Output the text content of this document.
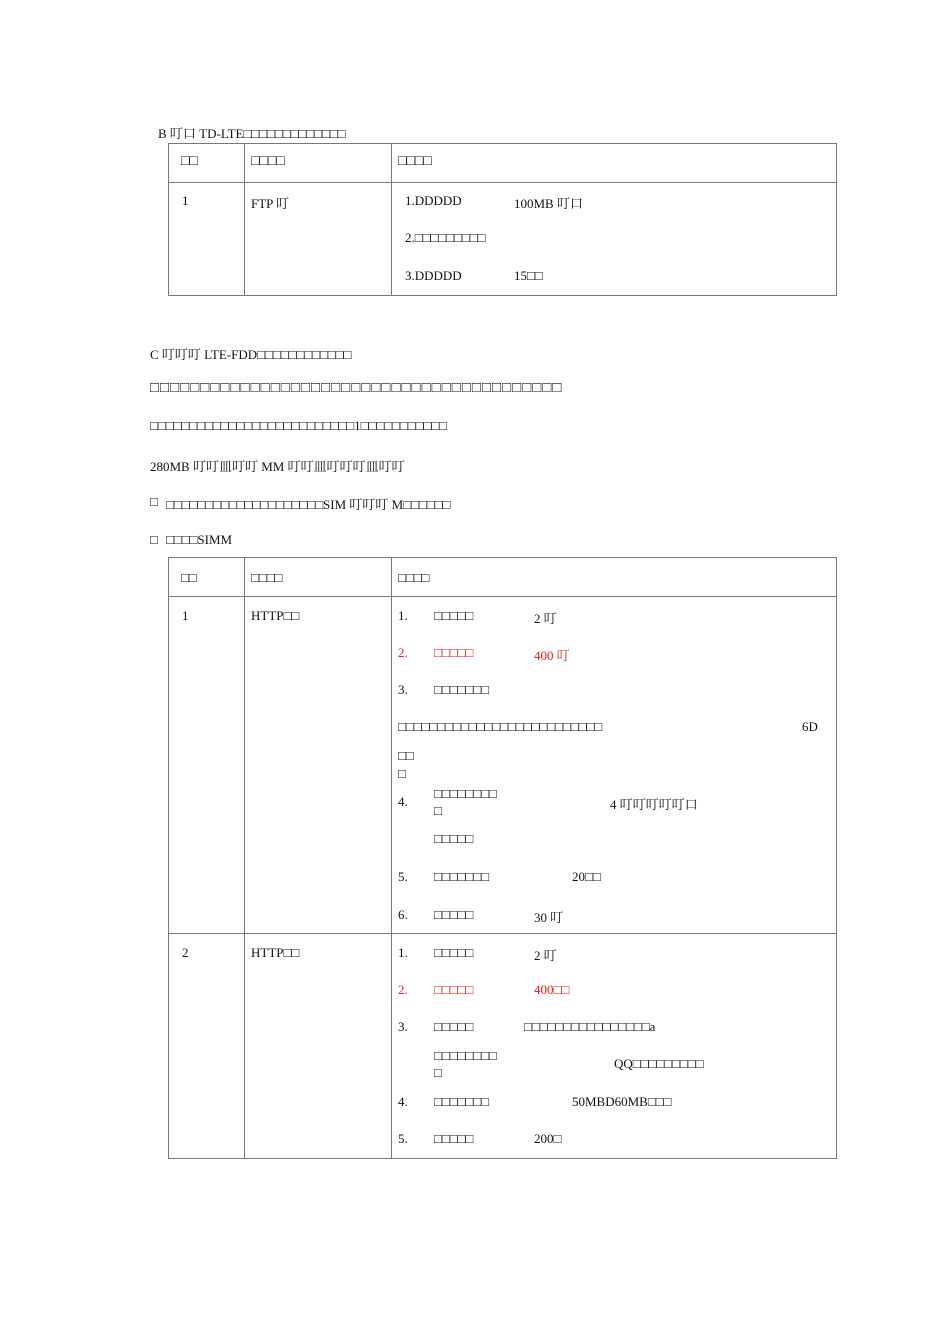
B 叮口 TD-LTE□□□□□□□□□□□□□
□□	□□□□	□□□□
1	FTP 叮	1.DDDDD	100MB 叮口
2.□□□□□□□□□
3.DDDDD	15□□
C 叮叮叮 LTE-FDD□□□□□□□□□□□□
□□□□□□□□□□□□□□□□□□□□□□□□□□□□□□□□□□□□□□□□□
□□□□□□□□□□□□□□□□□□□□□□□□□□1□□□□□□□□□□□
280MB 叮叮皿叮叮 MM 叮叮皿叮叮叮皿叮叮
□ □□□□□□□□□□□□□□□□□□□□SIM 叮叮叮 M□□□□□□
□ □□□□SIMM
□□	□□□□	□□□□
1	HTTP□□	1. □□□□□	2 叮
2. □□□□□	400 叮
3. □□□□□□□
□□□□□□□□□□□□□□□□□□□□□□□□□□	6D
□□
□
4.
□□□□□□□□
□	4 叮叮叮叮叮口
□□□□□
5. □□□□□□□	20□□
6. □□□□□	30 叮
2	HTTP□□	1. □□□□□	2 叮
2. □□□□□	400□□
3. □□□□□	□□□□□□□□□□□□□□□□a
□□□□□□□□
□
QQ□□□□□□□□□
4. □□□□□□□	50MBD60MB□□□
5. □□□□□	200□
